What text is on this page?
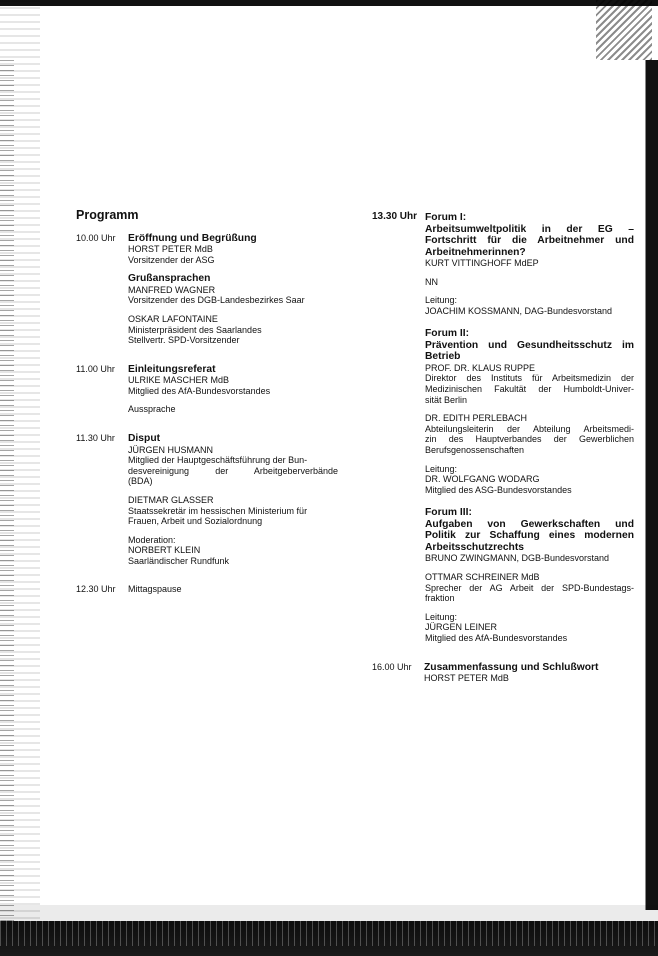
Programm
10.00 Uhr	Eröffnung und Begrüßung
HORST PETER MdB
Vorsitzender der ASG
Grußansprachen
MANFRED WAGNER
Vorsitzender des DGB-Landesbezirkes Saar
OSKAR LAFONTAINE
Ministerpräsident des Saarlandes
Stellvertr. SPD-Vorsitzender
11.00 Uhr	Einleitungsreferat
ULRIKE MASCHER MdB
Mitglied des AfA-Bundesvorstandes
Aussprache
11.30 Uhr	Disput
JÜRGEN HUSMANN
Mitglied der Hauptgeschäftsführung der Bun-
desvereinigung der Arbeitgeberverbände
(BDA)
DIETMAR GLASSER
Staatssekretär im hessischen Ministerium für
Frauen, Arbeit und Sozialordnung
Moderation:
NORBERT KLEIN
Saarländischer Rundfunk
12.30 Uhr	Mittagspause
13.30 Uhr Forum I:
Arbeitsumweltpolitik in der EG –
Fortschritt für die Arbeitnehmer und
Arbeitnehmerinnen?
KURT VITTINGHOFF MdEP
NN
Leitung:
JOACHIM KOSSMANN, DAG-Bundesvorstand
Forum II:
Prävention und Gesundheitsschutz im
Betrieb
PROF. DR. KLAUS RUPPE
Direktor des Instituts für Arbeitsmedizin der
Medizinischen Fakultät der Humboldt-Univer-
sität Berlin
DR. EDITH PERLEBACH
Abteilungsleiterin der Abteilung Arbeitsmedi-
zin des Hauptverbandes der Gewerblichen
Berufsgenossenschaften
Leitung:
DR. WOLFGANG WODARG
Mitglied des ASG-Bundesvorstandes
Forum III:
Aufgaben von Gewerkschaften und
Politik zur Schaffung eines modernen
Arbeitsschutzrechts
BRUNO ZWINGMANN, DGB-Bundesvorstand
OTTMAR SCHREINER MdB
Sprecher der AG Arbeit der SPD-Bundestags-
fraktion
Leitung:
JÜRGEN LEINER
Mitglied des AfA-Bundesvorstandes
16.00 Uhr	Zusammenfassung und Schlußwort
HORST PETER MdB
